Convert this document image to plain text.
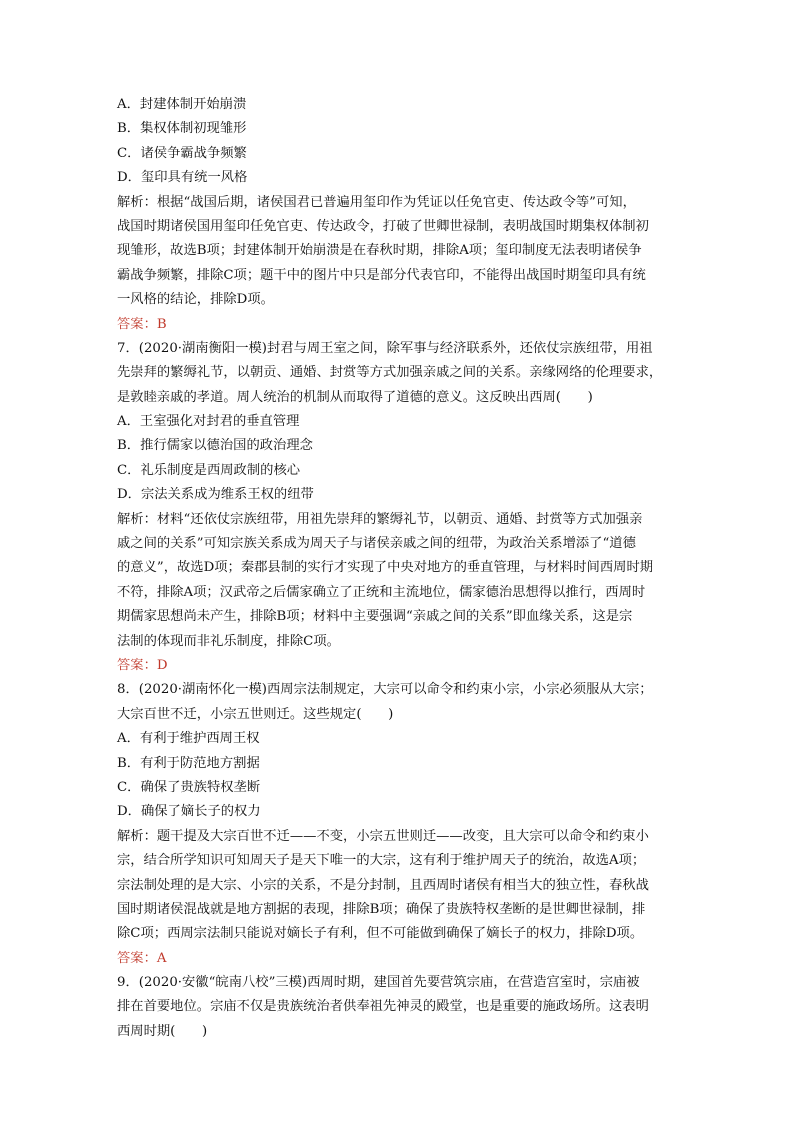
A．封建体制开始崩溃
B．集权体制初现雏形
C．诸侯争霸战争频繁
D．玺印具有统一风格
解析：根据“战国后期，诸侯国君已普遍用玺印作为凭证以任免官吏、传达政令等”可知，
战国时期诸侯国用玺印任免官吏、传达政令，打破了世卿世禄制，表明战国时期集权体制初
现雏形，故选B项；封建体制开始崩溃是在春秋时期，排除A项；玺印制度无法表明诸侯争
霸战争频繁，排除C项；题干中的图片中只是部分代表官印，不能得出战国时期玺印具有统
一风格的结论，排除D项。
答案：B
7．(2020·湖南衡阳一模)封君与周王室之间，除军事与经济联系外，还依仗宗族纽带，用祖
先崇拜的繁缛礼节，以朝贡、通婚、封赏等方式加强亲戚之间的关系。亲缘网络的伦理要求，
是敦睦亲戚的孝道。周人统治的机制从而取得了道德的意义。这反映出西周(　　)
A．王室强化对封君的垂直管理
B．推行儒家以德治国的政治理念
C．礼乐制度是西周政制的核心
D．宗法关系成为维系王权的纽带
解析：材料“还依仗宗族纽带，用祖先崇拜的繁缛礼节，以朝贡、通婚、封赏等方式加强亲
戚之间的关系”可知宗族关系成为周天子与诸侯亲戚之间的纽带，为政治关系增添了“道德
的意义”，故选D项；秦郡县制的实行才实现了中央对地方的垂直管理，与材料时间西周时期
不符，排除A项；汉武帝之后儒家确立了正统和主流地位，儒家德治思想得以推行，西周时
期儒家思想尚未产生，排除B项；材料中主要强调“亲戚之间的关系”即血缘关系，这是宗
法制的体现而非礼乐制度，排除C项。
答案：D
8．(2020·湖南怀化一模)西周宗法制规定，大宗可以命令和约束小宗，小宗必须服从大宗；
大宗百世不迁，小宗五世则迁。这些规定(　　)
A．有利于维护西周王权
B．有利于防范地方割据
C．确保了贵族特权垄断
D．确保了嫡长子的权力
解析：题干提及大宗百世不迁——不变，小宗五世则迁——改变，且大宗可以命令和约束小
宗，结合所学知识可知周天子是天下唯一的大宗，这有利于维护周天子的统治，故选A项；
宗法制处理的是大宗、小宗的关系，不是分封制，且西周时诸侯有相当大的独立性，春秋战
国时期诸侯混战就是地方割据的表现，排除B项；确保了贵族特权垄断的是世卿世禄制，排
除C项；西周宗法制只能说对嫡长子有利，但不可能做到确保了嫡长子的权力，排除D项。
答案：A
9．(2020·安徽“皖南八校”三模)西周时期，建国首先要营筑宗庙，在营造宫室时，宗庙被
排在首要地位。宗庙不仅是贵族统治者供奉祖先神灵的殿堂，也是重要的施政场所。这表明
西周时期(　　)
